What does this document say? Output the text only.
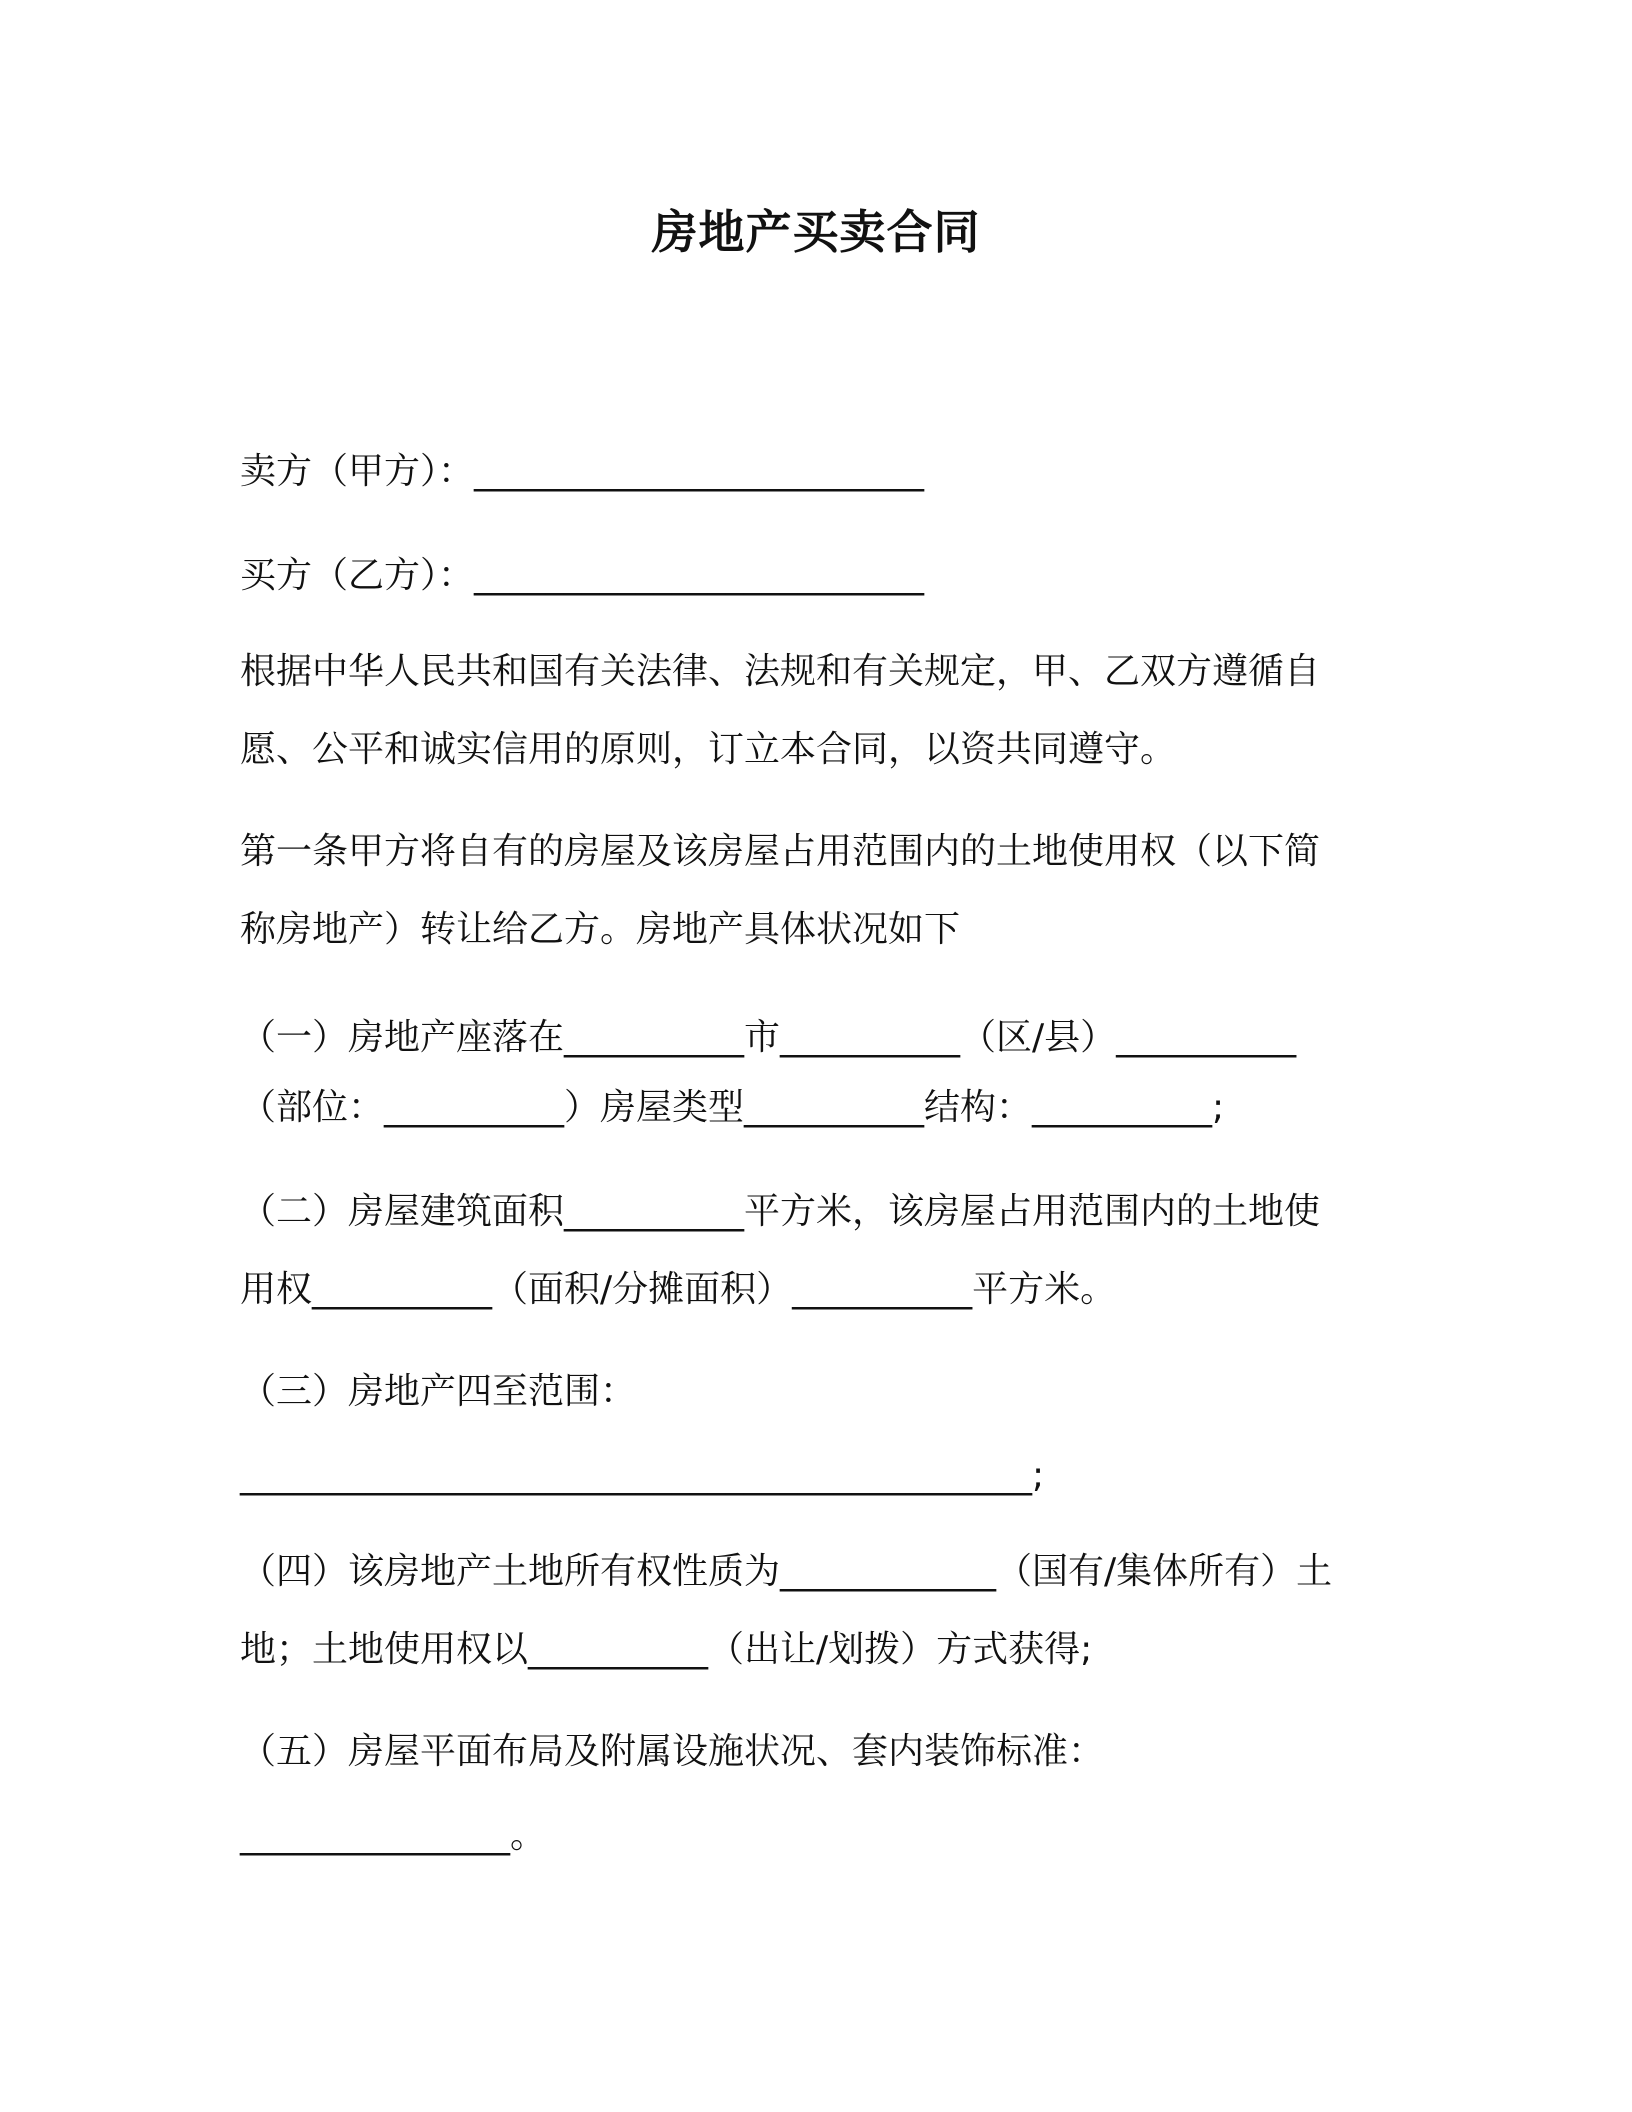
房地产买卖合同
卖方（甲方）：_________________________
买方（乙方）：_________________________
根据中华人民共和国有关法律、法规和有关规定，甲、乙双方遵循自
愿、公平和诚实信用的原则，订立本合同，以资共同遵守。
第一条甲方将自有的房屋及该房屋占用范围内的土地使用权（以下简
称房地产）转让给乙方。房地产具体状况如下
（一）房地产座落在__________市__________（区/县）__________
（部位：__________）房屋类型__________结构：__________;
（二）房屋建筑面积__________平方米，该房屋占用范围内的土地使
用权__________（面积/分摊面积）__________平方米。
（三）房地产四至范围：
____________________________________________;
（四）该房地产土地所有权性质为____________（国有/集体所有）土
地；土地使用权以__________（出让/划拨）方式获得;
（五）房屋平面布局及附属设施状况、套内装饰标准：
_______________。
